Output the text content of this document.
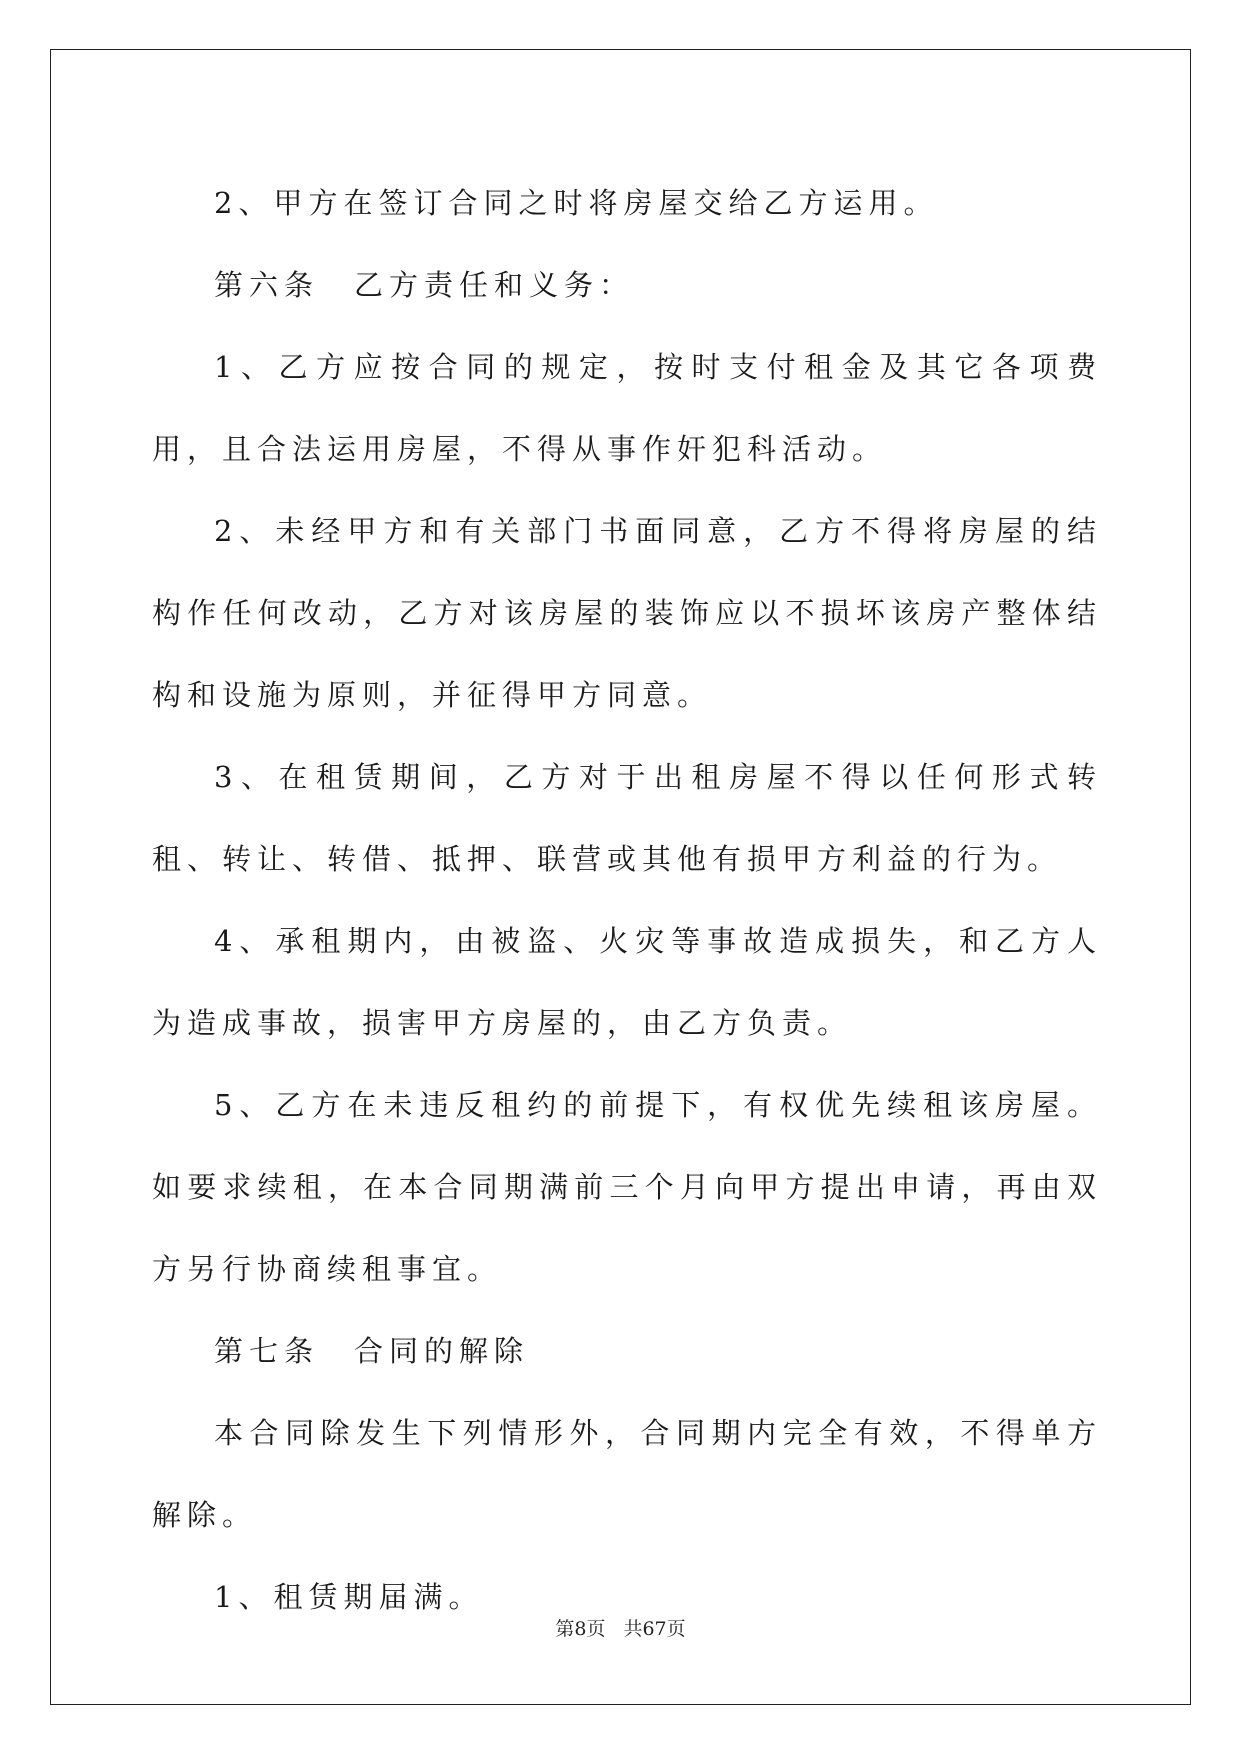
2、甲方在签订合同之时将房屋交给乙方运用。

第六条　乙方责任和义务：

1、乙方应按合同的规定，按时支付租金及其它各项费用，且合法运用房屋，不得从事作奸犯科活动。

2、未经甲方和有关部门书面同意，乙方不得将房屋的结构作任何改动，乙方对该房屋的装饰应以不损坏该房产整体结构和设施为原则，并征得甲方同意。

3、在租赁期间，乙方对于出租房屋不得以任何形式转租、转让、转借、抵押、联营或其他有损甲方利益的行为。

4、承租期内，由被盗、火灾等事故造成损失，和乙方人为造成事故，损害甲方房屋的，由乙方负责。

5、乙方在未违反租约的前提下，有权优先续租该房屋。如要求续租，在本合同期满前三个月向甲方提出申请，再由双方另行协商续租事宜。

第七条　合同的解除

本合同除发生下列情形外，合同期内完全有效，不得单方解除。

1、租赁期届满。

第8页 共67页
